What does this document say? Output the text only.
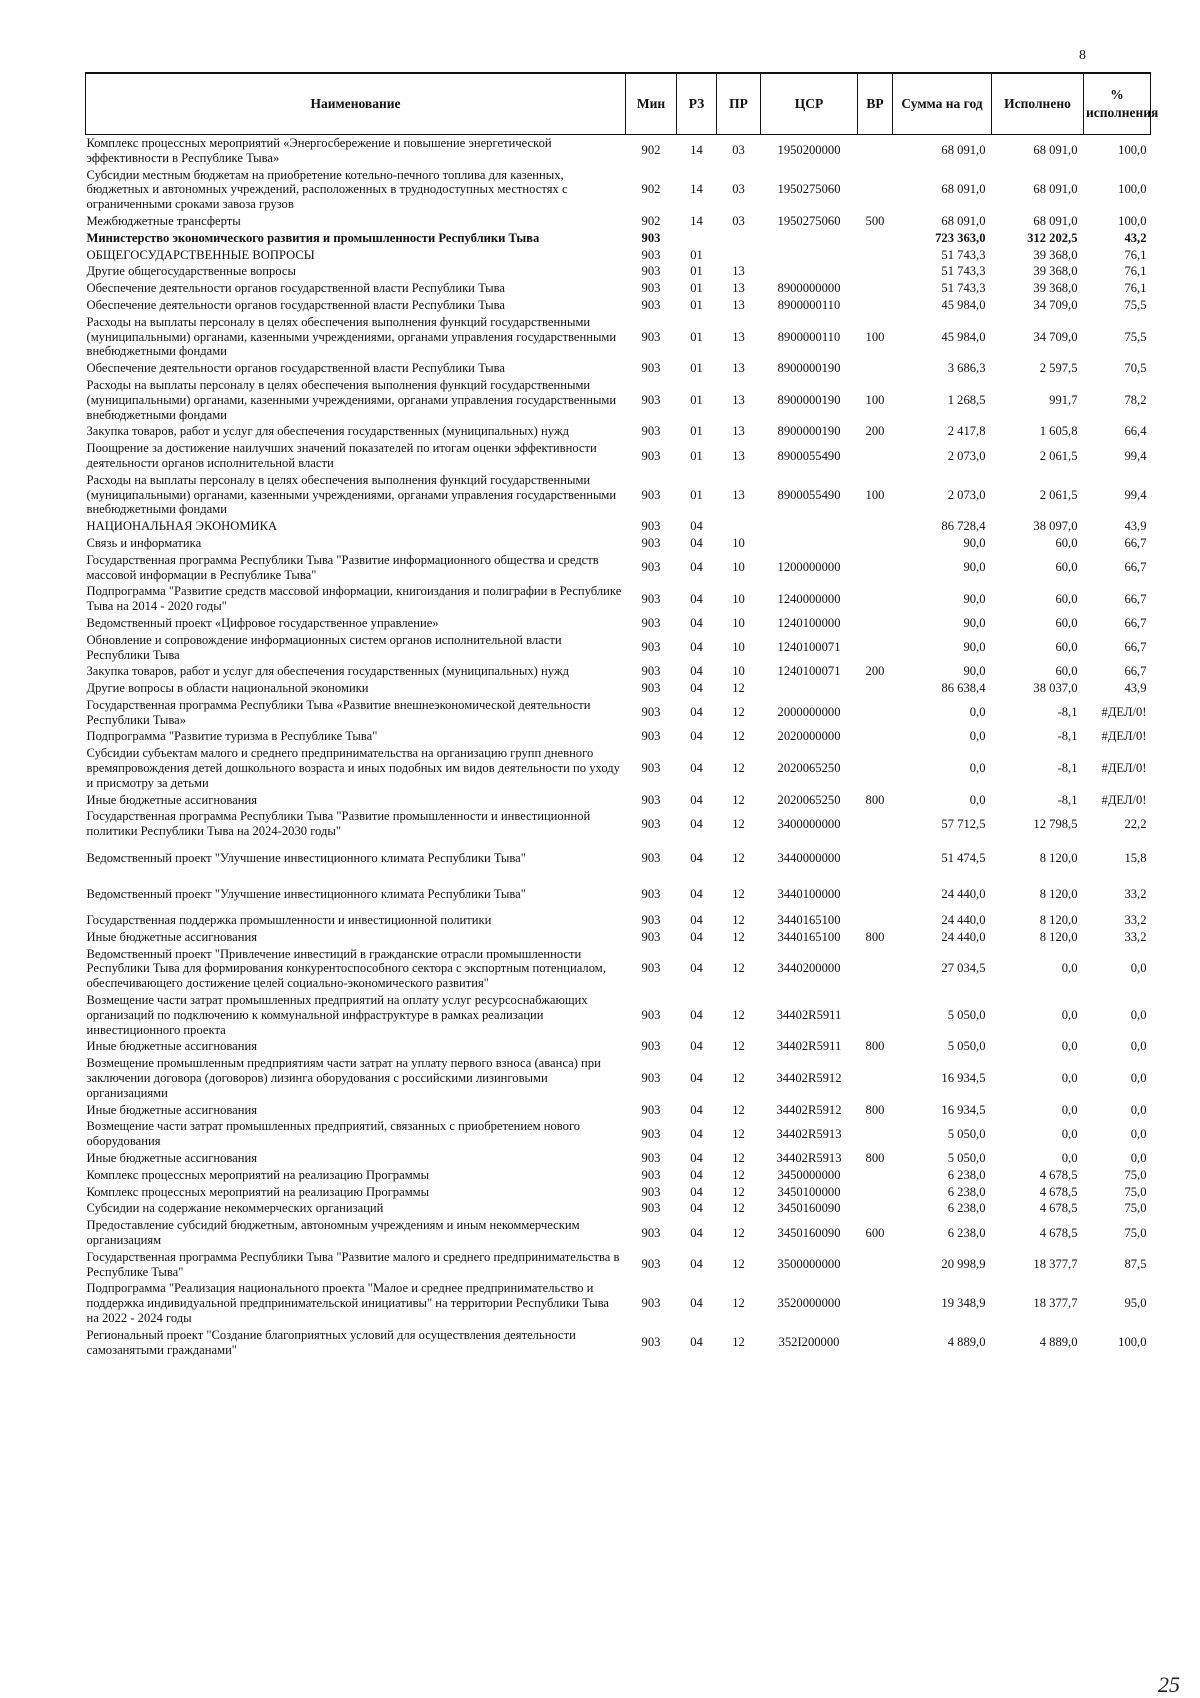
8
Наименование	Мин	РЗ	ПР	ЦСР	ВР	Сумма на год	Исполнено	% исполнения
Комплекс процессных мероприятий «Энергосбережение и повышение энергетической эффективности в Республике Тыва»	902	14	03	1950200000		68 091,0	68 091,0	100,0
Субсидии местным бюджетам на приобретение котельно-печного топлива для казенных, бюджетных и автономных учреждений, расположенных в труднодоступных местностях с ограниченными сроками завоза грузов	902	14	03	1950275060		68 091,0	68 091,0	100,0
Межбюджетные трансферты	902	14	03	1950275060	500	68 091,0	68 091,0	100,0
Министерство экономического развития и промышленности Республики Тыва	903					723 363,0	312 202,5	43,2
ОБЩЕГОСУДАРСТВЕННЫЕ ВОПРОСЫ	903	01				51 743,3	39 368,0	76,1
Другие общегосударственные вопросы	903	01	13			51 743,3	39 368,0	76,1
Обеспечение деятельности органов государственной власти Республики Тыва	903	01	13	8900000000		51 743,3	39 368,0	76,1
Обеспечение деятельности органов государственной власти Республики Тыва	903	01	13	8900000110		45 984,0	34 709,0	75,5
Расходы на выплаты персоналу в целях обеспечения выполнения функций государственными (муниципальными) органами, казенными учреждениями, органами управления государственными внебюджетными фондами	903	01	13	8900000110	100	45 984,0	34 709,0	75,5
Обеспечение деятельности органов государственной власти Республики Тыва	903	01	13	8900000190		3 686,3	2 597,5	70,5
Расходы на выплаты персоналу в целях обеспечения выполнения функций государственными (муниципальными) органами, казенными учреждениями, органами управления государственными внебюджетными фондами	903	01	13	8900000190	100	1 268,5	991,7	78,2
Закупка товаров, работ и услуг для обеспечения государственных (муниципальных) нужд	903	01	13	8900000190	200	2 417,8	1 605,8	66,4
Поощрение за достижение наилучших значений показателей по итогам оценки эффективности деятельности органов исполнительной власти	903	01	13	8900055490		2 073,0	2 061,5	99,4
Расходы на выплаты персоналу в целях обеспечения выполнения функций государственными (муниципальными) органами, казенными учреждениями, органами управления государственными внебюджетными фондами	903	01	13	8900055490	100	2 073,0	2 061,5	99,4
НАЦИОНАЛЬНАЯ ЭКОНОМИКА	903	04				86 728,4	38 097,0	43,9
Связь и информатика	903	04	10			90,0	60,0	66,7
Государственная программа Республики Тыва "Развитие информационного общества и средств массовой информации в Республике Тыва"	903	04	10	1200000000		90,0	60,0	66,7
Подпрограмма "Развитие средств массовой информации, книгоиздания и полиграфии в Республике Тыва на 2014 - 2020 годы"	903	04	10	1240000000		90,0	60,0	66,7
Ведомственный проект «Цифровое государственное управление»	903	04	10	1240100000		90,0	60,0	66,7
Обновление и сопровождение информационных систем органов исполнительной власти Республики Тыва	903	04	10	1240100071		90,0	60,0	66,7
Закупка товаров, работ и услуг для обеспечения государственных (муниципальных) нужд	903	04	10	1240100071	200	90,0	60,0	66,7
Другие вопросы в области национальной экономики	903	04	12			86 638,4	38 037,0	43,9
Государственная программа Республики Тыва «Развитие внешнеэкономической деятельности Республики Тыва»	903	04	12	2000000000		0,0	-8,1	#ДЕЛ/0!
Подпрограмма "Развитие туризма в Республике Тыва"	903	04	12	2020000000		0,0	-8,1	#ДЕЛ/0!
Субсидии субъектам малого и среднего предпринимательства на организацию групп дневного времяпровождения детей дошкольного возраста и иных подобных им видов деятельности по уходу и присмотру за детьми	903	04	12	2020065250		0,0	-8,1	#ДЕЛ/0!
Иные бюджетные ассигнования	903	04	12	2020065250	800	0,0	-8,1	#ДЕЛ/0!
Государственная программа Республики Тыва "Развитие промышленности и инвестиционной политики Республики Тыва на 2024-2030 годы"	903	04	12	3400000000		57 712,5	12 798,5	22,2
Ведомственный проект "Улучшение инвестиционного климата Республики Тыва"	903	04	12	3440000000		51 474,5	8 120,0	15,8
Ведомственный проект "Улучшение инвестиционного климата Республики Тыва"	903	04	12	3440100000		24 440,0	8 120,0	33,2
Государственная поддержка промышленности и инвестиционной политики	903	04	12	3440165100		24 440,0	8 120,0	33,2
Иные бюджетные ассигнования	903	04	12	3440165100	800	24 440,0	8 120,0	33,2
Ведомственный проект "Привлечение инвестиций в гражданские отрасли промышленности Республики Тыва для формирования конкурентоспособного сектора с экспортным потенциалом, обеспечивающего достижение целей социально-экономического развития"	903	04	12	3440200000		27 034,5	0,0	0,0
Возмещение части затрат промышленных предприятий на оплату услуг ресурсоснабжающих организаций по подключению к коммунальной инфраструктуре в рамках реализации инвестиционного проекта	903	04	12	34402R5911		5 050,0	0,0	0,0
Иные бюджетные ассигнования	903	04	12	34402R5911	800	5 050,0	0,0	0,0
Возмещение промышленным предприятиям части затрат на уплату первого взноса (аванса) при заключении договора (договоров) лизинга оборудования с российскими лизинговыми организациями	903	04	12	34402R5912		16 934,5	0,0	0,0
Иные бюджетные ассигнования	903	04	12	34402R5912	800	16 934,5	0,0	0,0
Возмещение части затрат промышленных предприятий, связанных с приобретением нового оборудования	903	04	12	34402R5913		5 050,0	0,0	0,0
Иные бюджетные ассигнования	903	04	12	34402R5913	800	5 050,0	0,0	0,0
Комплекс процессных мероприятий на реализацию Программы	903	04	12	3450000000		6 238,0	4 678,5	75,0
Комплекс процессных мероприятий на реализацию Программы	903	04	12	3450100000		6 238,0	4 678,5	75,0
Субсидии на содержание некоммерческих организаций	903	04	12	3450160090		6 238,0	4 678,5	75,0
Предоставление субсидий бюджетным, автономным учреждениям и иным некоммерческим организациям	903	04	12	3450160090	600	6 238,0	4 678,5	75,0
Государственная программа Республики Тыва "Развитие малого и среднего предпринимательства в Республике Тыва"	903	04	12	3500000000		20 998,9	18 377,7	87,5
Подпрограмма "Реализация национального проекта "Малое и среднее предпринимательство и поддержка индивидуальной предпринимательской инициативы" на территории Республики Тыва на 2022 - 2024 годы	903	04	12	3520000000		19 348,9	18 377,7	95,0
Региональный проект "Создание благоприятных условий для осуществления деятельности самозанятыми гражданами"	903	04	12	352I200000		4 889,0	4 889,0	100,0
25
